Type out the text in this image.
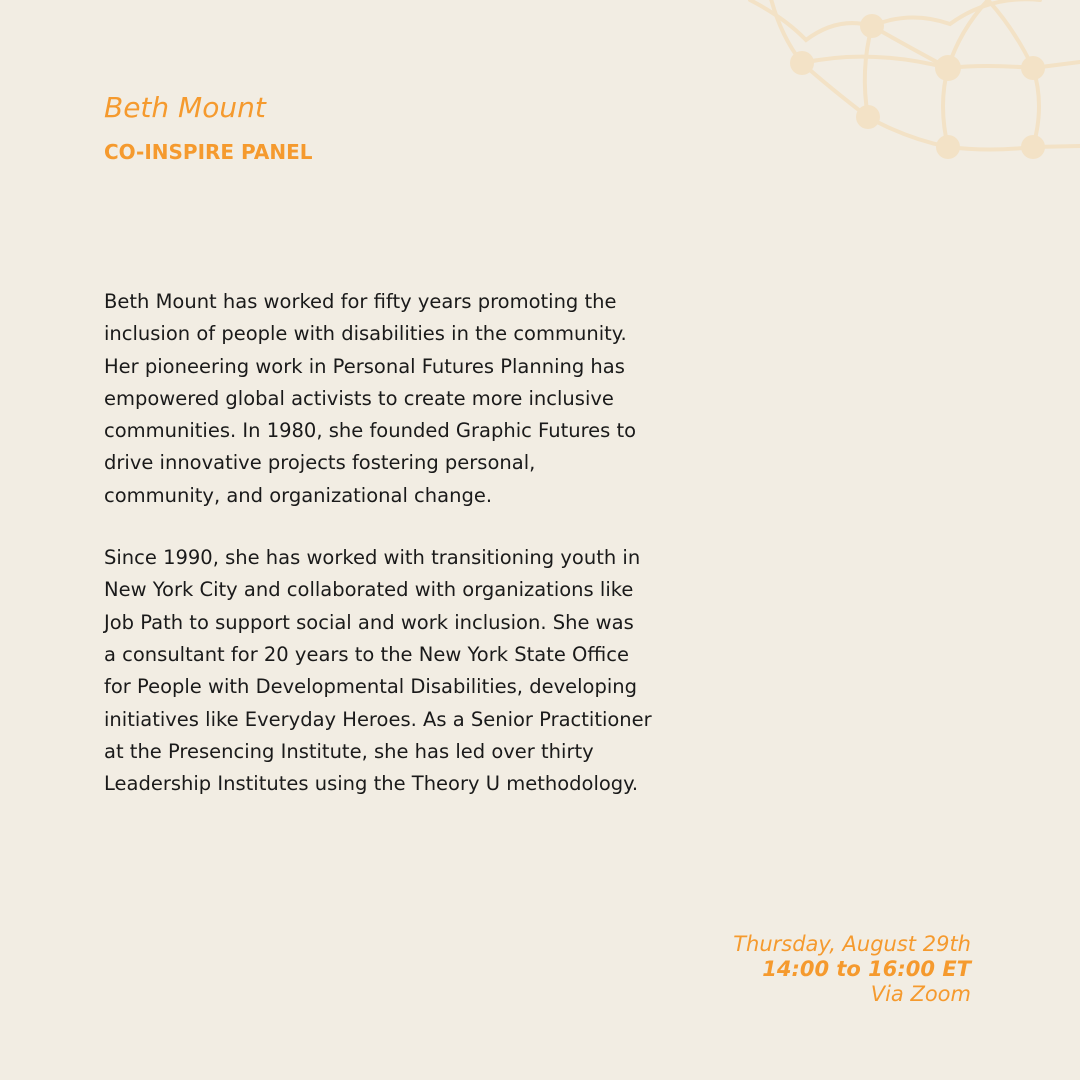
Beth Mount
CO-INSPIRE PANEL

Beth Mount has worked for fifty years promoting the
inclusion of people with disabilities in the community.
Her pioneering work in Personal Futures Planning has
empowered global activists to create more inclusive
communities. In 1980, she founded Graphic Futures to
drive innovative projects fostering personal,
community, and organizational change.

Since 1990, she has worked with transitioning youth in
New York City and collaborated with organizations like
Job Path to support social and work inclusion. She was
a consultant for 20 years to the New York State Office
for People with Developmental Disabilities, developing
initiatives like Everyday Heroes. As a Senior Practitioner
at the Presencing Institute, she has led over thirty
Leadership Institutes using the Theory U methodology.

Thursday, August 29th
14:00 to 16:00 ET
Via Zoom
